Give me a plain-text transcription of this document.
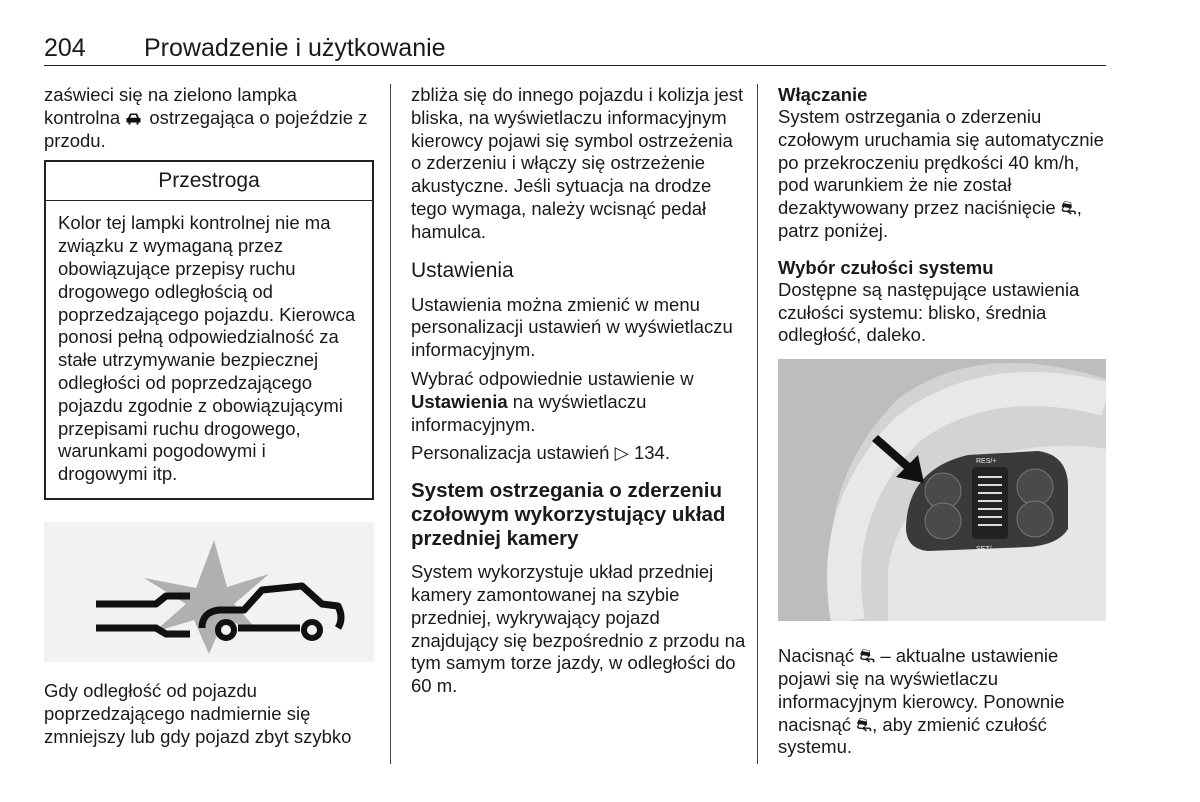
204 Prowadzenie i użytkowanie

zaświeci się na zielono lampka kontrolna ostrzegająca o pojeździe z przodu.

Przestroga
Kolor tej lampki kontrolnej nie ma związku z wymaganą przez obowiązujące przepisy ruchu drogowego odległością od poprzedzającego pojazdu. Kierowca ponosi pełną odpowiedzialność za stałe utrzymywanie bezpiecznej odległości od poprzedzającego pojazdu zgodnie z obowiązującymi przepisami ruchu drogowego, warunkami pogodowymi i drogowymi itp.

Gdy odległość od pojazdu poprzedzającego nadmiernie się zmniejszy lub gdy pojazd zbyt szybko

zbliża się do innego pojazdu i kolizja jest bliska, na wyświetlaczu informacyjnym kierowcy pojawi się symbol ostrzeżenia o zderzeniu i włączy się ostrzeżenie akustyczne. Jeśli sytuacja na drodze tego wymaga, należy wcisnąć pedał hamulca.

Ustawienia

Ustawienia można zmienić w menu personalizacji ustawień w wyświetlaczu informacyjnym.

Wybrać odpowiednie ustawienie w Ustawienia na wyświetlaczu informacyjnym.

Personalizacja ustawień ▷ 134.

System ostrzegania o zderzeniu czołowym wykorzystujący układ przedniej kamery

System wykorzystuje układ przedniej kamery zamontowanej na szybie przedniej, wykrywający pojazd znajdujący się bezpośrednio z przodu na tym samym torze jazdy, w odległości do 60 m.

Włączanie

System ostrzegania o zderzeniu czołowym uruchamia się automatycznie po przekroczeniu prędkości 40 km/h, pod warunkiem że nie został dezaktywowany przez naciśnięcie ⛐, patrz poniżej.

Wybór czułości systemu

Dostępne są następujące ustawienia czułości systemu: blisko, średnia odległość, daleko.

RES/+
SET/-

Nacisnąć ⛐ – aktualne ustawienie pojawi się na wyświetlaczu informacyjnym kierowcy. Ponownie nacisnąć ⛐, aby zmienić czułość systemu.
